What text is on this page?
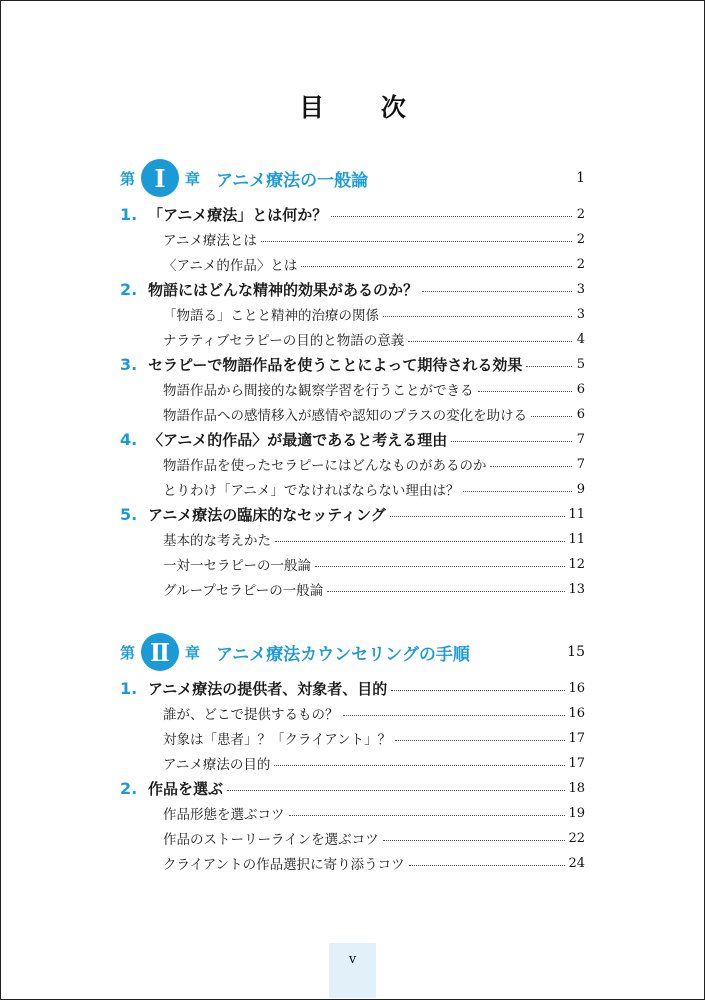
目 次
第 Ⅰ	章 アニメ療法の一般論	1
1. 「アニメ療法」とは何か？	2
アニメ療法とは	2
〈アニメ的作品〉とは	2
2. 物語にはどんな精神的効果があるのか？	3
「物語る」ことと精神的治療の関係	3
ナラティブセラピーの目的と物語の意義	4
3. セラピーで物語作品を使うことによって期待される効果	5
物語作品から間接的な観察学習を行うことができる	6
物語作品への感情移入が感情や認知のプラスの変化を助ける	6
4. 〈アニメ的作品〉が最適であると考える理由	7
物語作品を使ったセラピーにはどんなものがあるのか	7
とりわけ「アニメ」でなければならない理由は？	9
5. アニメ療法の臨床的なセッティング	11
基本的な考えかた	11
一対一セラピーの一般論	12
グループセラピーの一般論	13
第 Ⅱ 章 アニメ療法カウンセリングの手順	15
1. アニメ療法の提供者、対象者、目的	16
誰が、どこで提供するもの？	16
対象は「患者」？「クライアント」？	17
アニメ療法の目的	17
2. 作品を選ぶ	18
作品形態を選ぶコツ	19
作品のストーリーラインを選ぶコツ	22
クライアントの作品選択に寄り添うコツ	24
v
